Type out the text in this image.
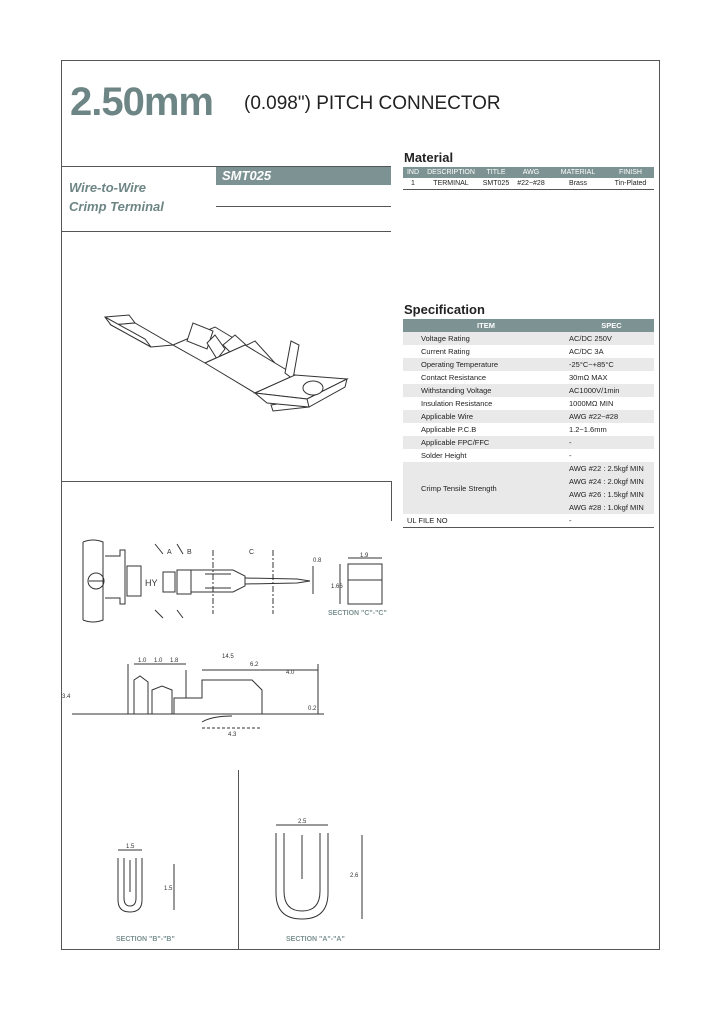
2.50mm (0.098") PITCH CONNECTOR
Wire-to-Wire
Crimp Terminal
SMT025
Material
IND	DESCRIPTION	TITLE	AWG	MATERIAL	FINISH
1	TERMINAL	SMT025	#22~#28	Brass	Tin-Plated
Specification
ITEM	SPEC
Voltage Rating	AC/DC 250V
Current Rating	AC/DC 3A
Operating Temperature	-25°C~+85°C
Contact Resistance	30mΩ MAX
Withstanding Voltage	AC1000V/1min
Insulation Resistance	1000MΩ MIN
Applicable Wire	AWG #22~#28
Applicable P.C.B	1.2~1.6mm
Applicable FPC/FFC	-
Solder Height	-
Crimp Tensile Strength	AWG #22 : 2.5kgf MIN
AWG #24 : 2.0kgf MIN
AWG #26 : 1.5kgf MIN
AWG #28 : 1.0kgf MIN

UL FILE NO	-
A B	C
HY
0.8
1.9
1.66
SECTION "C"-"C"
1.0 1.0 1.8
14.5
6.2
4.0
4.3
3.4
0.2
1.5
1.5
SECTION "B"-"B"
2.5
2.6
SECTION "A"-"A"
